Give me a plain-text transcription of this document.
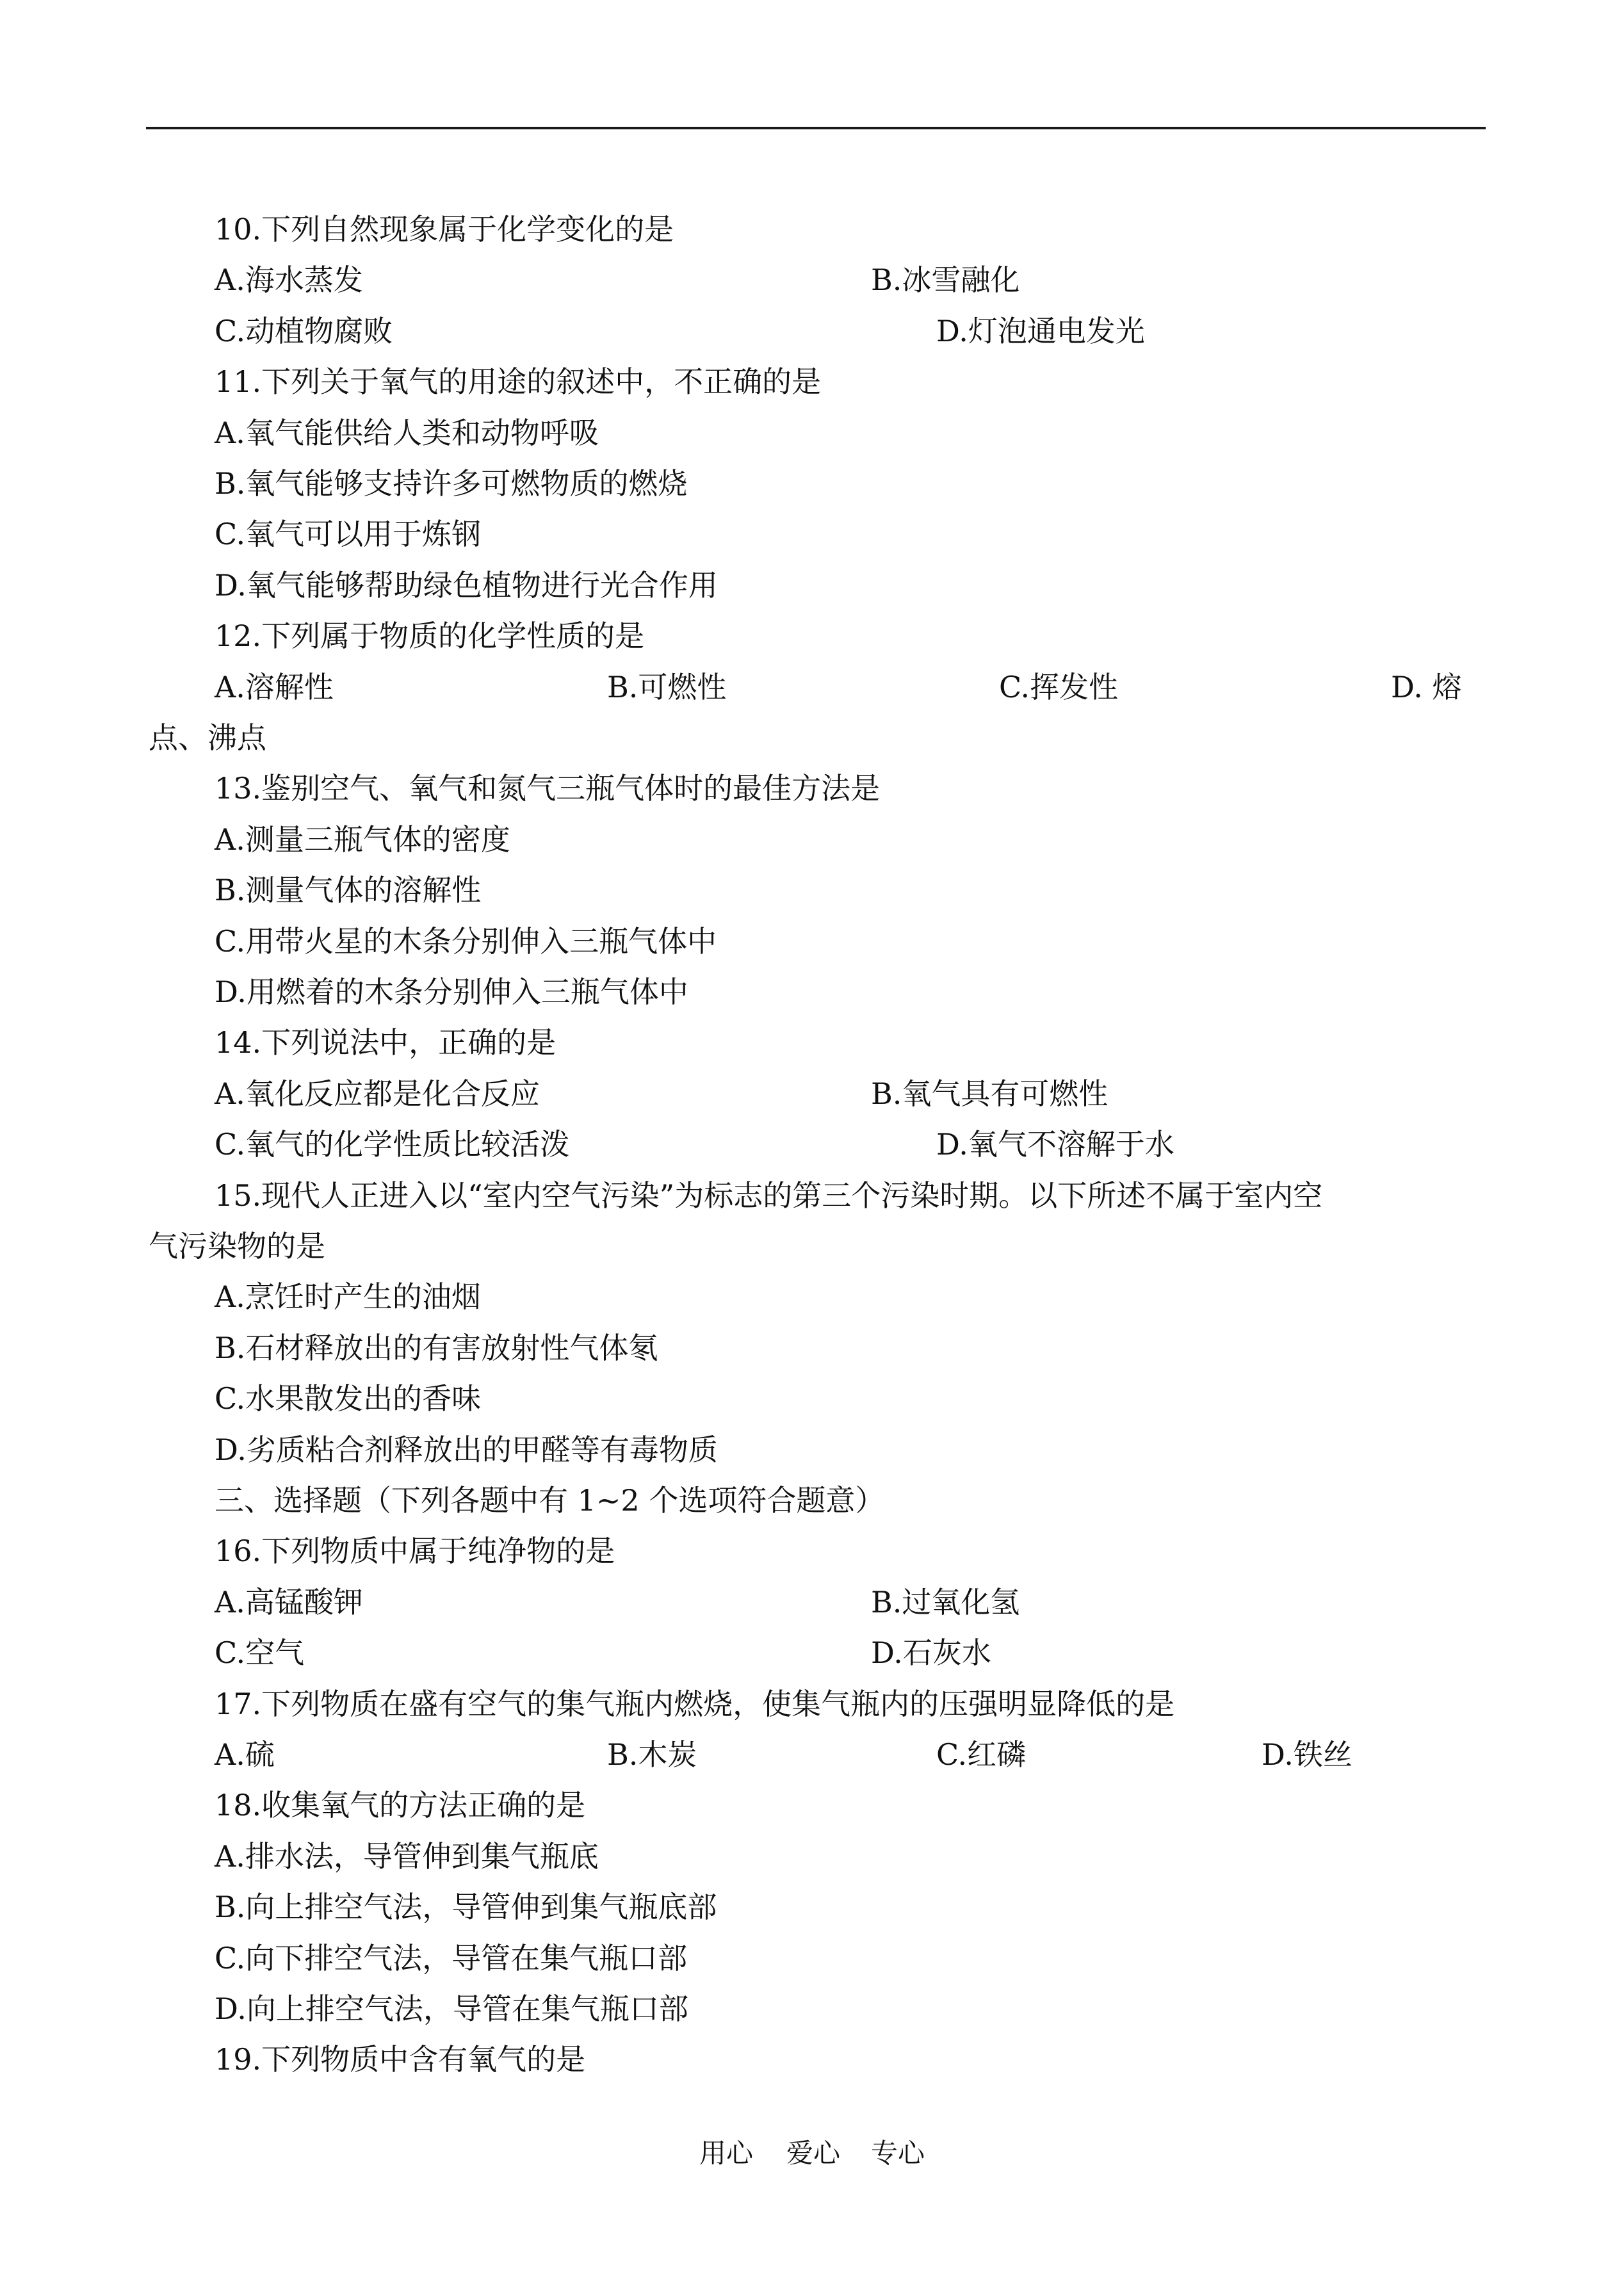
10.下列自然现象属于化学变化的是
A.海水蒸发	B.冰雪融化
C.动植物腐败	D.灯泡通电发光
11.下列关于氧气的用途的叙述中，不正确的是
A.氧气能供给人类和动物呼吸
B.氧气能够支持许多可燃物质的燃烧
C.氧气可以用于炼钢
D.氧气能够帮助绿色植物进行光合作用
12.下列属于物质的化学性质的是
A.溶解性	B.可燃性	C.挥发性	D. 熔
点、沸点
13.鉴别空气、氧气和氮气三瓶气体时的最佳方法是
A.测量三瓶气体的密度
B.测量气体的溶解性
C.用带火星的木条分别伸入三瓶气体中
D.用燃着的木条分别伸入三瓶气体中
14.下列说法中，正确的是
A.氧化反应都是化合反应	B.氧气具有可燃性
C.氧气的化学性质比较活泼	D.氧气不溶解于水
15.现代人正进入以“室内空气污染”为标志的第三个污染时期。以下所述不属于室内空
气污染物的是
A.烹饪时产生的油烟
B.石材释放出的有害放射性气体氡
C.水果散发出的香味
D.劣质粘合剂释放出的甲醛等有毒物质
三、选择题（下列各题中有 1~2 个选项符合题意）
16.下列物质中属于纯净物的是
A.高锰酸钾	B.过氧化氢
C.空气	D.石灰水
17.下列物质在盛有空气的集气瓶内燃烧，使集气瓶内的压强明显降低的是
A.硫	B.木炭	C.红磷	D.铁丝
18.收集氧气的方法正确的是
A.排水法，导管伸到集气瓶底
B.向上排空气法，导管伸到集气瓶底部
C.向下排空气法，导管在集气瓶口部
D.向上排空气法，导管在集气瓶口部
19.下列物质中含有氧气的是
用心 爱心 专心
